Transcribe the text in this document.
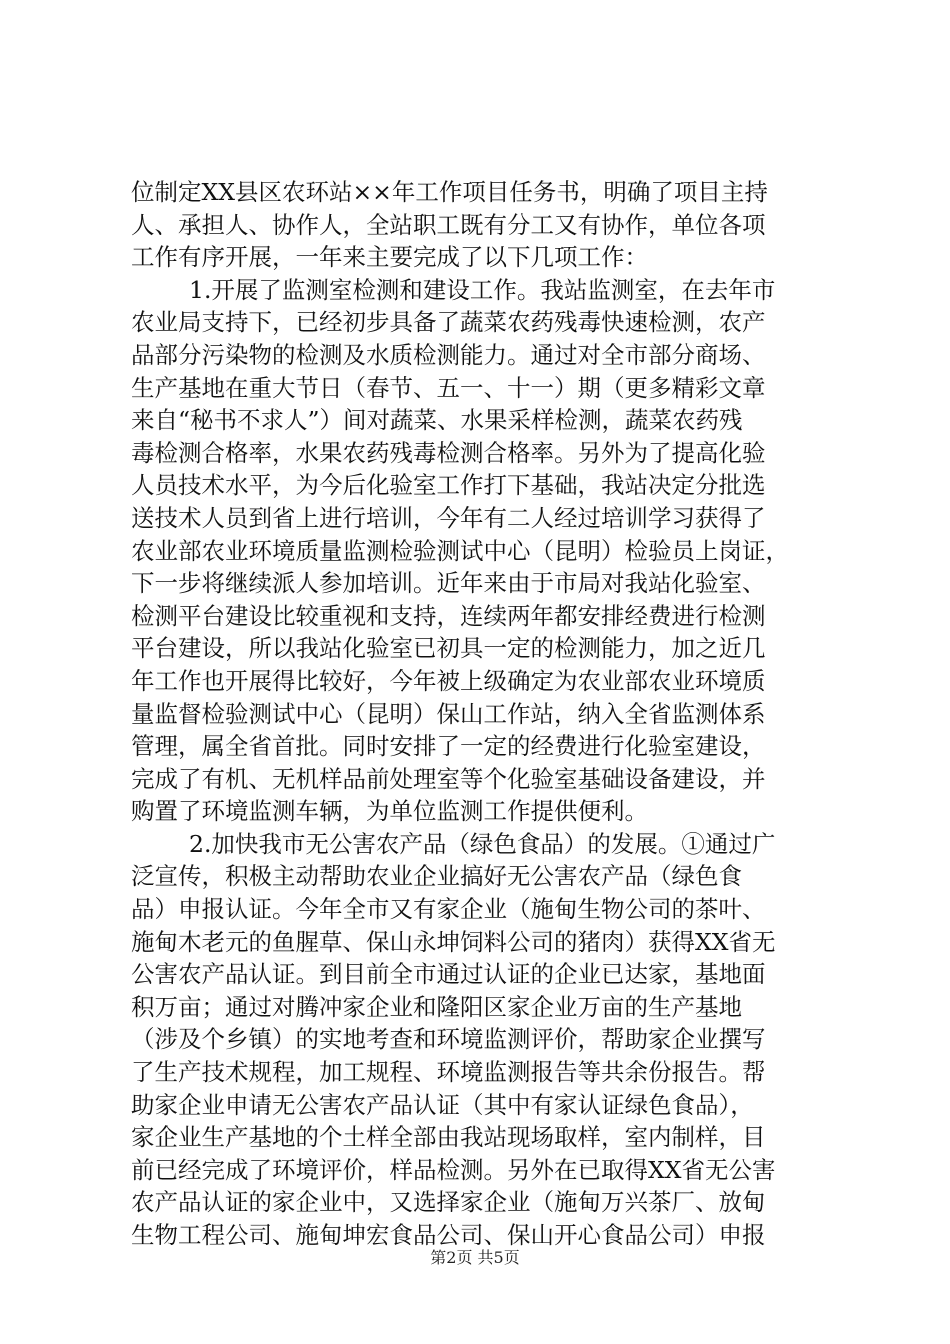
位制定XX县区农环站××年工作项目任务书，明确了项目主持
人、承担人、协作人，全站职工既有分工又有协作，单位各项
工作有序开展，一年来主要完成了以下几项工作：
1.开展了监测室检测和建设工作。我站监测室，在去年市
农业局支持下，已经初步具备了蔬菜农药残毒快速检测，农产
品部分污染物的检测及水质检测能力。通过对全市部分商场、
生产基地在重大节日（春节、五一、十一）期（更多精彩文章
来自“秘书不求人”）间对蔬菜、水果采样检测，蔬菜农药残
毒检测合格率，水果农药残毒检测合格率。另外为了提高化验
人员技术水平，为今后化验室工作打下基础，我站决定分批选
送技术人员到省上进行培训，今年有二人经过培训学习获得了
农业部农业环境质量监测检验测试中心（昆明）检验员上岗证，
下一步将继续派人参加培训。近年来由于市局对我站化验室、
检测平台建设比较重视和支持，连续两年都安排经费进行检测
平台建设，所以我站化验室已初具一定的检测能力，加之近几
年工作也开展得比较好，今年被上级确定为农业部农业环境质
量监督检验测试中心（昆明）保山工作站，纳入全省监测体系
管理，属全省首批。同时安排了一定的经费进行化验室建设，
完成了有机、无机样品前处理室等个化验室基础设备建设，并
购置了环境监测车辆，为单位监测工作提供便利。
2.加快我市无公害农产品（绿色食品）的发展。①通过广
泛宣传，积极主动帮助农业企业搞好无公害农产品（绿色食
品）申报认证。今年全市又有家企业（施甸生物公司的茶叶、
施甸木老元的鱼腥草、保山永坤饲料公司的猪肉）获得XX省无
公害农产品认证。到目前全市通过认证的企业已达家，基地面
积万亩；通过对腾冲家企业和隆阳区家企业万亩的生产基地
（涉及个乡镇）的实地考查和环境监测评价，帮助家企业撰写
了生产技术规程，加工规程、环境监测报告等共余份报告。帮
助家企业申请无公害农产品认证（其中有家认证绿色食品），
家企业生产基地的个土样全部由我站现场取样，室内制样，目
前已经完成了环境评价，样品检测。另外在已取得XX省无公害
农产品认证的家企业中，又选择家企业（施甸万兴茶厂、放甸
生物工程公司、施甸坤宏食品公司、保山开心食品公司）申报
第2页 共5页
